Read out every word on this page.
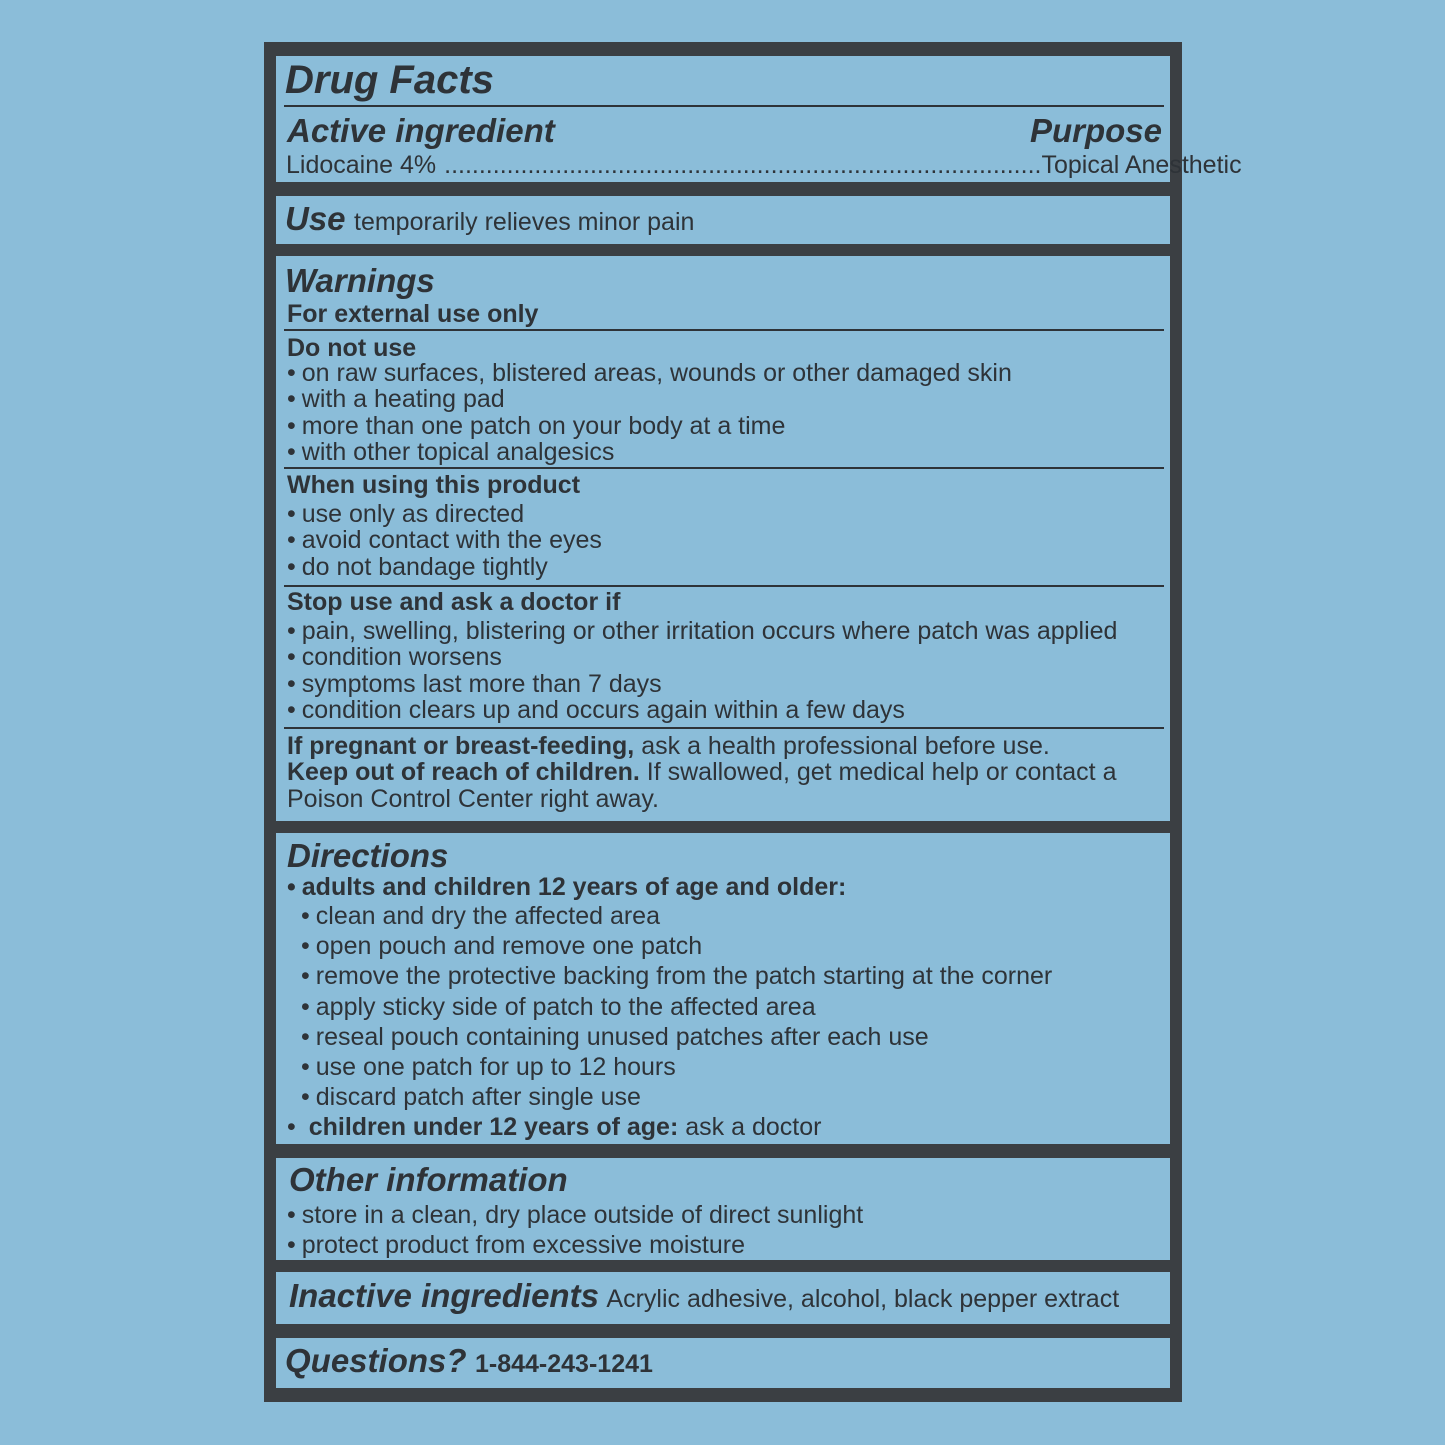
Drug Facts
Active ingredient	Purpose
Lidocaine 4% ...................................................................................... Topical Anesthetic
Use temporarily relieves minor pain
Warnings
For external use only
Do not use
• on raw surfaces, blistered areas, wounds or other damaged skin
• with a heating pad
• more than one patch on your body at a time
• with other topical analgesics
When using this product
• use only as directed
• avoid contact with the eyes
• do not bandage tightly
Stop use and ask a doctor if
• pain, swelling, blistering or other irritation occurs where patch was applied
• condition worsens
• symptoms last more than 7 days
• condition clears up and occurs again within a few days
If pregnant or breast-feeding, ask a health professional before use.
Keep out of reach of children. If swallowed, get medical help or contact a
Poison Control Center right away.
Directions
• adults and children 12 years of age and older:
• clean and dry the affected area
• open pouch and remove one patch
• remove the protective backing from the patch starting at the corner
• apply sticky side of patch to the affected area
• reseal pouch containing unused patches after each use
• use one patch for up to 12 hours
• discard patch after single use
• children under 12 years of age: ask a doctor
Other information
• store in a clean, dry place outside of direct sunlight
• protect product from excessive moisture
Inactive ingredients Acrylic adhesive, alcohol, black pepper extract
Questions? 1-844-243-1241
